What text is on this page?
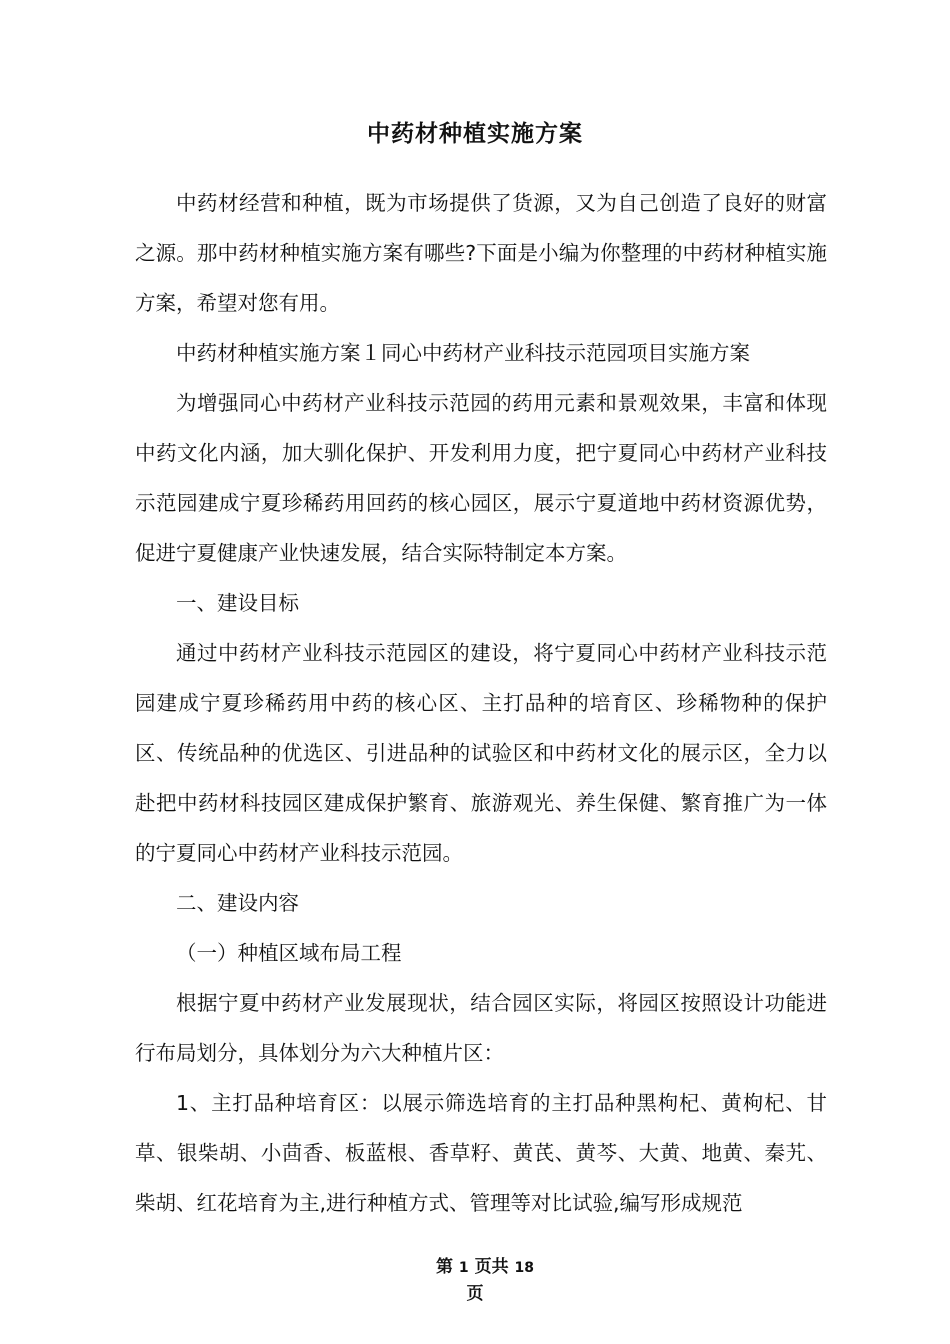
中药材种植实施方案

中药材经营和种植，既为市场提供了货源，又为自己创造了良好的财富之源。那中药材种植实施方案有哪些?下面是小编为你整理的中药材种植实施方案，希望对您有用。

中药材种植实施方案１同心中药材产业科技示范园项目实施方案

为增强同心中药材产业科技示范园的药用元素和景观效果，丰富和体现中药文化内涵，加大驯化保护、开发利用力度，把宁夏同心中药材产业科技示范园建成宁夏珍稀药用回药的核心园区，展示宁夏道地中药材资源优势，促进宁夏健康产业快速发展，结合实际特制定本方案。

一、建设目标

通过中药材产业科技示范园区的建设，将宁夏同心中药材产业科技示范园建成宁夏珍稀药用中药的核心区、主打品种的培育区、珍稀物种的保护区、传统品种的优选区、引进品种的试验区和中药材文化的展示区，全力以赴把中药材科技园区建成保护繁育、旅游观光、养生保健、繁育推广为一体的宁夏同心中药材产业科技示范园。

二、建设内容

（一）种植区域布局工程

根据宁夏中药材产业发展现状，结合园区实际，将园区按照设计功能进行布局划分，具体划分为六大种植片区：

1、主打品种培育区：以展示筛选培育的主打品种黑枸杞、黄枸杞、甘草、银柴胡、小茴香、板蓝根、香草籽、黄芪、黄芩、大黄、地黄、秦艽、柴胡、红花培育为主,进行种植方式、管理等对比试验,编写形成规范

第 1 页共 18
页
